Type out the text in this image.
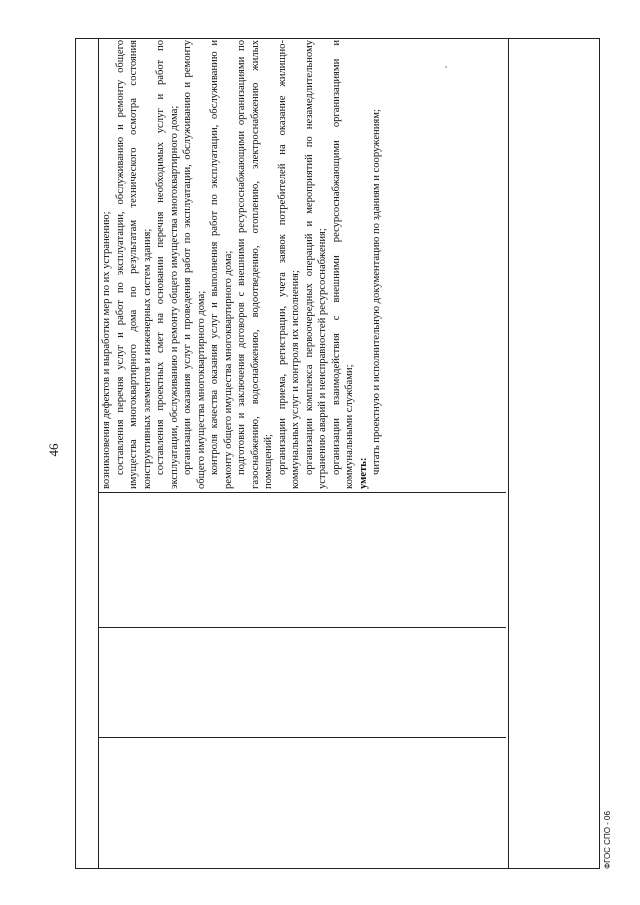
46	возникновения дефектов и выработки мер по их устранению; составления перечня услуг и работ по эксплуатации, обслуживанию и ремонту общего имущества многоквартирного дома по результатам технического осмотра состояния конструктивных элементов и инженерных систем здания; составления проектных смет на основании перечня необходимых услуг и работ по эксплуатации, обслуживанию и ремонту общего имущества многоквартирного дома; организации оказания услуг и проведения работ по эксплуатации, обслуживанию и ремонту общего имущества многоквартирного дома; контроля качества оказания услуг и выполнения работ по эксплуатации, обслуживанию и ремонту общего имущества многоквартирного дома; подготовки и заключения договоров с внешними ресурсоснабжающими организациями по газоснабжению, водоснабжению, водоотведению, отоплению, электроснабжению жилых помещений; организации приема, регистрации, учета заявок потребителей на оказание жилищно-коммунальных услуг и контроля их исполнения; организации комплекса первоочередных операций и мероприятий по незамедлительному устранению аварий и неисправностей ресурсоснабжения; организации взаимодействия с внешними ресурсоснабжающими организациями и коммунальными службами; уметь: читать проектную и исполнительную документацию по зданиям и сооружениям;

ФГОС СПО - 06
